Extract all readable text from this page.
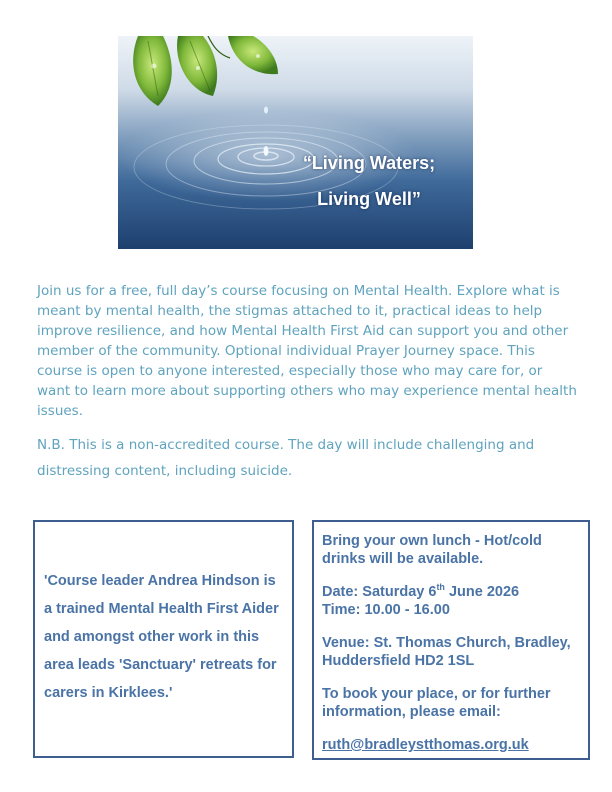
“Living Waters;
Living Well”

Join us for a free, full day’s course focusing on Mental Health. Explore what is meant by mental health, the stigmas attached to it, practical ideas to help improve resilience, and how Mental Health First Aid can support you and other member of the community. Optional individual Prayer Journey space. This course is open to anyone interested, especially those who may care for, or want to learn more about supporting others who may experience mental health issues.

N.B. This is a non-accredited course. The day will include challenging and distressing content, including suicide.

'Course leader Andrea Hindson is a trained Mental Health First Aider and amongst other work in this area leads 'Sanctuary' retreats for carers in Kirklees.'

Bring your own lunch - Hot/cold drinks will be available.

Date: Saturday 6th June 2026
Time: 10.00 - 16.00

Venue: St. Thomas Church, Bradley, Huddersfield HD2 1SL

To book your place, or for further information, please email:

ruth@bradleystthomas.org.uk
